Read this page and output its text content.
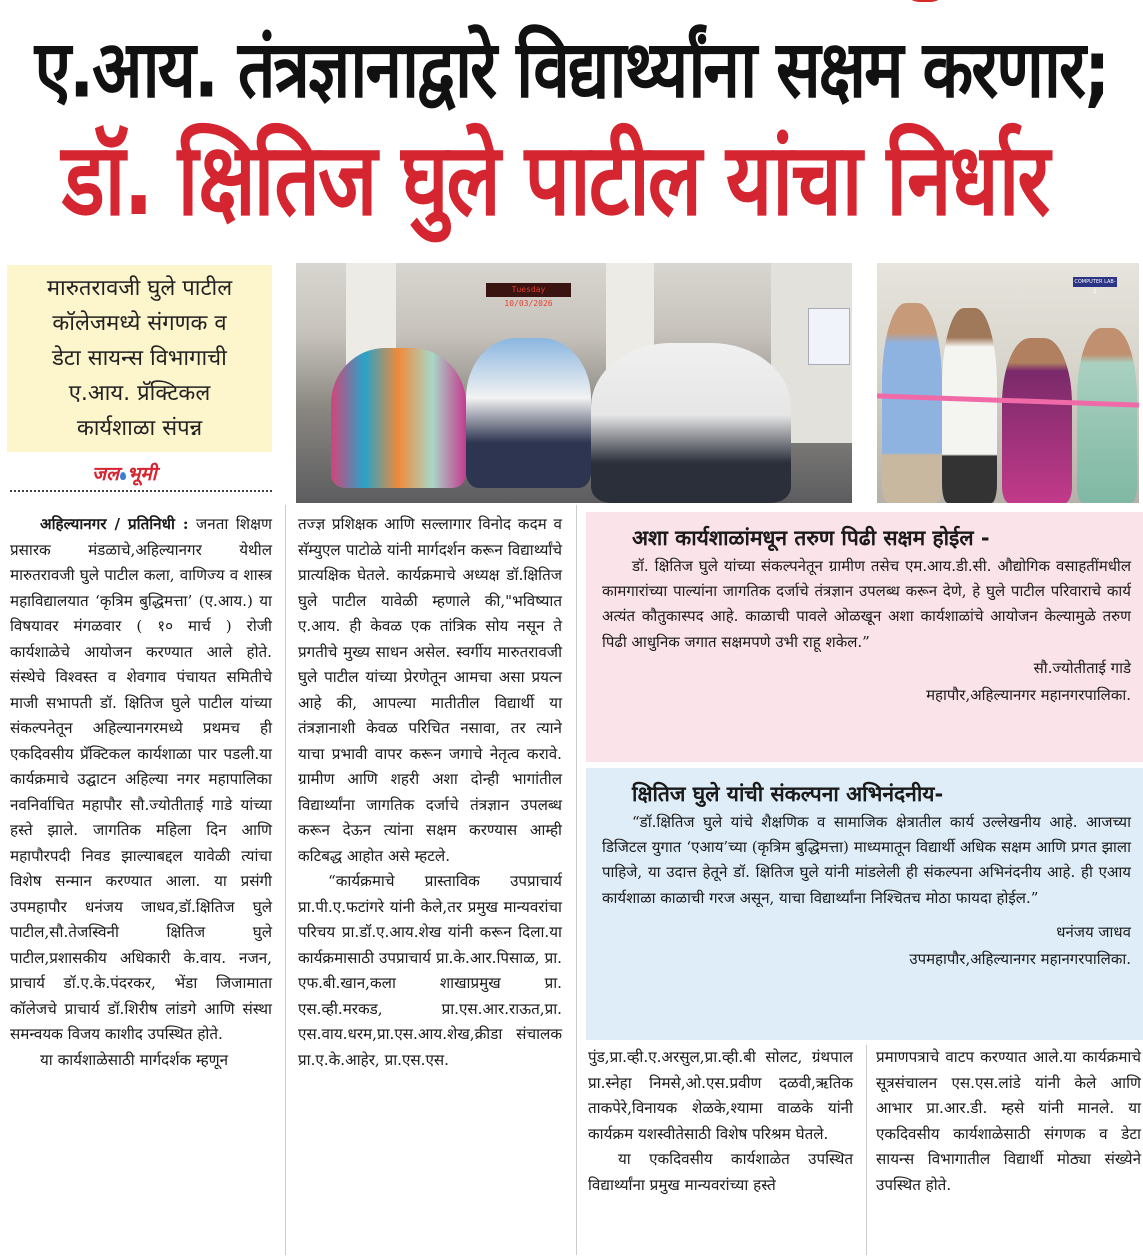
ए.आय. तंत्रज्ञानाद्वारे विद्यार्थ्यांना सक्षम करणार;
डॉ. क्षितिज घुले पाटील यांचा निर्धार
मारुतरावजी घुले पाटील
कॉलेजमध्ये संगणक व
डेटा सायन्स विभागाची
ए.आय. प्रॅक्टिकल
कार्यशाळा संपन्न
जल भूमी
Tuesday 10/03/2026
COMPUTER LAB-2

अहिल्यानगर / प्रतिनिधी : जनता शिक्षण प्रसारक मंडळाचे,अहिल्यानगर येथील मारुतरावजी घुले पाटील कला, वाणिज्य व शास्त्र महाविद्यालयात ‘कृत्रिम बुद्धिमत्ता’ (ए.आय.) या विषयावर मंगळवार ( १० मार्च ) रोजी कार्यशाळेचे आयोजन करण्यात आले होते. संस्थेचे विश्वस्त व शेवगाव पंचायत समितीचे माजी सभापती डॉ. क्षितिज घुले पाटील यांच्या संकल्पनेतून अहिल्यानगरमध्ये प्रथमच ही एकदिवसीय प्रॅक्टिकल कार्यशाळा पार पडली.या कार्यक्रमाचे उद्घाटन अहिल्या नगर महापालिका नवनिर्वाचित महापौर सौ.ज्योतीताई गाडे यांच्या हस्ते झाले. जागतिक महिला दिन आणि महापौरपदी निवड झाल्याबद्दल यावेळी त्यांचा विशेष सन्मान करण्यात आला. या प्रसंगी उपमहापौर धनंजय जाधव,डॉ.क्षितिज घुले पाटील,सौ.तेजस्विनी क्षितिज घुले पाटील,प्रशासकीय अधिकारी के.वाय. नजन, प्राचार्य डॉ.ए.के.पंदरकर, भेंडा जिजामाता कॉलेजचे प्राचार्य डॉ.शिरीष लांडगे आणि संस्था समन्वयक विजय काशीद उपस्थित होते.

या कार्यशाळेसाठी मार्गदर्शक म्हणून

तज्ज्ञ प्रशिक्षक आणि सल्लागार विनोद कदम व सॅम्युएल पाटोळे यांनी मार्गदर्शन करून विद्यार्थ्यांचे प्रात्यक्षिक घेतले. कार्यक्रमाचे अध्यक्ष डॉ.क्षितिज घुले पाटील यावेळी म्हणाले की,"भविष्यात ए.आय. ही केवळ एक तांत्रिक सोय नसून ते प्रगतीचे मुख्य साधन असेल. स्वर्गीय मारुतरावजी घुले पाटील यांच्या प्रेरणेतून आमचा असा प्रयत्न आहे की, आपल्या मातीतील विद्यार्थी या तंत्रज्ञानाशी केवळ परिचित नसावा, तर त्याने याचा प्रभावी वापर करून जगाचे नेतृत्व करावे. ग्रामीण आणि शहरी अशा दोन्ही भागांतील विद्यार्थ्यांना जागतिक दर्जाचे तंत्रज्ञान उपलब्ध करून देऊन त्यांना सक्षम करण्यास आम्ही कटिबद्ध आहोत असे म्हटले.

“कार्यक्रमाचे प्रास्ताविक उपप्राचार्य प्रा.पी.ए.फटांगरे यांनी केले,तर प्रमुख मान्यवरांचा परिचय प्रा.डॉ.ए.आय.शेख यांनी करून दिला.या कार्यक्रमासाठी उपप्राचार्य प्रा.के.आर.पिसाळ, प्रा. एफ.बी.खान,कला शाखाप्रमुख प्रा. एस.व्ही.मरकड, प्रा.एस.आर.राऊत,प्रा. एस.वाय.धरम,प्रा.एस.आय.शेख,क्रीडा संचालक प्रा.ए.के.आहेर, प्रा.एस.एस.	पुंड,प्रा.व्ही.ए.अरसुल,प्रा.व्ही.बी सोलट, ग्रंथपाल प्रा.स्नेहा निमसे,ओ.एस.प्रवीण दळवी,ऋतिक ताकपेरे,विनायक शेळके,श्यामा वाळके यांनी कार्यक्रम यशस्वीतेसाठी विशेष परिश्रम घेतले.

या एकदिवसीय कार्यशाळेत उपस्थित विद्यार्थ्यांना प्रमुख मान्यवरांच्या हस्ते

प्रमाणपत्राचे वाटप करण्यात आले.या कार्यक्रमाचे सूत्रसंचालन एस.एस.लांडे यांनी केले आणि आभार प्रा.आर.डी. म्हसे यांनी मानले. या एकदिवसीय कार्यशाळेसाठी संगणक व डेटा सायन्स विभागातील विद्यार्थी मोठ्या संख्येने उपस्थित होते.

अशा कार्यशाळांमधून तरुण पिढी सक्षम होईल -

डॉ. क्षितिज घुले यांच्या संकल्पनेतून ग्रामीण तसेच एम.आय.डी.सी. औद्योगिक वसाहतींमधील कामगारांच्या पाल्यांना जागतिक दर्जाचे तंत्रज्ञान उपलब्ध करून देणे, हे घुले पाटील परिवाराचे कार्य अत्यंत कौतुकास्पद आहे. काळाची पावले ओळखून अशा कार्यशाळांचे आयोजन केल्यामुळे तरुण पिढी आधुनिक जगात सक्षमपणे उभी राहू शकेल.”

सौ.ज्योतीताई गाडे

महापौर,अहिल्यानगर महानगरपालिका.

क्षितिज घुले यांची संकल्पना अभिनंदनीय-

“डॉ.क्षितिज घुले यांचे शैक्षणिक व सामाजिक क्षेत्रातील कार्य उल्लेखनीय आहे. आजच्या डिजिटल युगात ‘एआय’च्या (कृत्रिम बुद्धिमत्ता) माध्यमातून विद्यार्थी अधिक सक्षम आणि प्रगत झाला पाहिजे, या उदात्त हेतूने डॉ. क्षितिज घुले यांनी मांडलेली ही संकल्पना अभिनंदनीय आहे. ही एआय कार्यशाळा काळाची गरज असून, याचा विद्यार्थ्यांना निश्चितच मोठा फायदा होईल.”

धनंजय जाधव

उपमहापौर,अहिल्यानगर महानगरपालिका.
